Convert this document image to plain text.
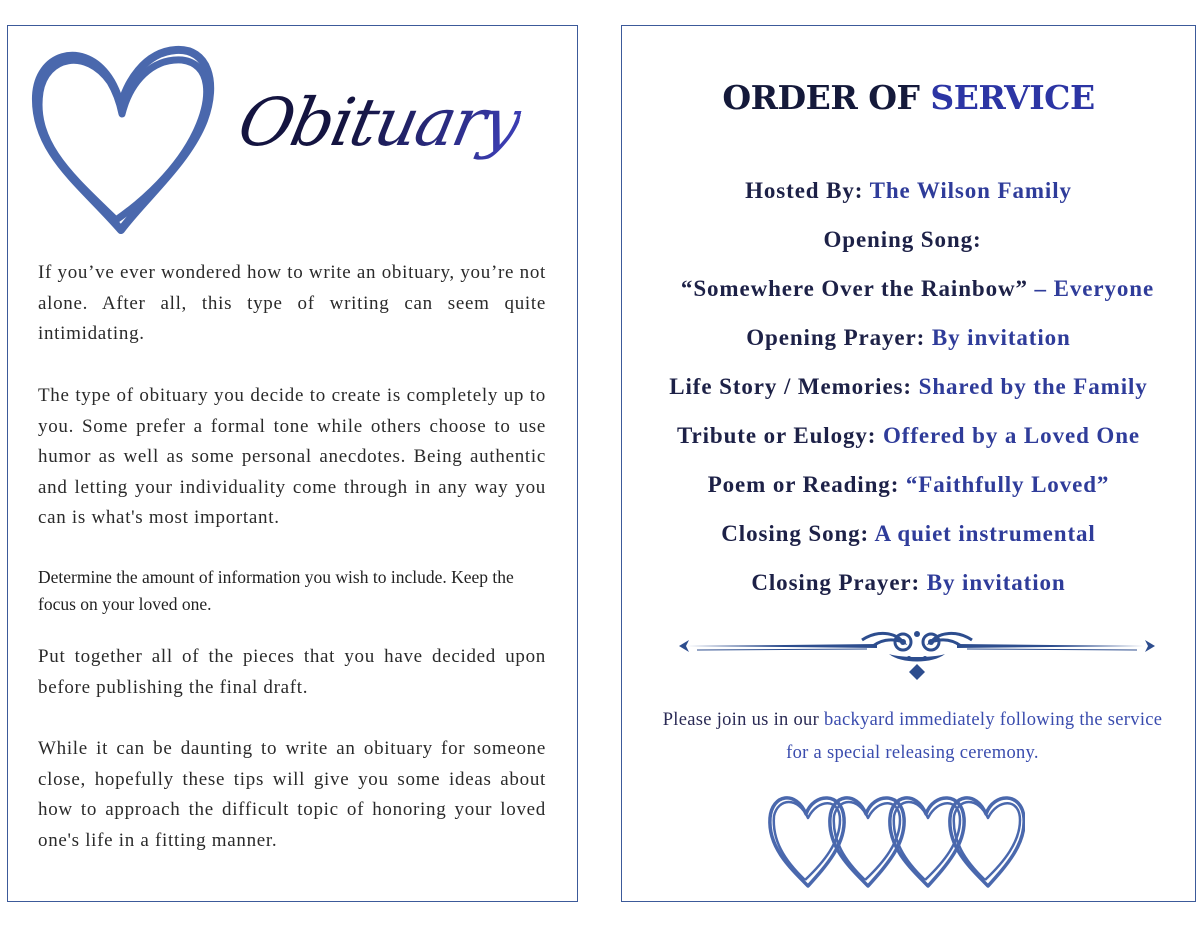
Obituary

If you’ve ever wondered how to write an obituary, you’re not alone. After all, this type of writing can seem quite intimidating.

The type of obituary you decide to create is completely up to you. Some prefer a formal tone while others choose to use humor as well as some personal anecdotes. Being authentic and letting your individuality come through in any way you can is what's most important.

Determine the amount of information you wish to include. Keep the focus on your loved one.

Put together all of the pieces that you have decided upon before publishing the final draft.

While it can be daunting to write an obituary for someone close, hopefully these tips will give you some ideas about how to approach the difficult topic of honoring your loved one's life in a fitting manner.

ORDER OF SERVICE
Hosted By: The Wilson Family
Opening Song:
“Somewhere Over the Rainbow” – Everyone
Opening Prayer: By invitation
Life Story / Memories: Shared by the Family
Tribute or Eulogy: Offered by a Loved One
Poem or Reading: “Faithfully Loved”
Closing Song: A quiet instrumental
Closing Prayer: By invitation

Please join us in our backyard immediately following the service for a special releasing ceremony.
